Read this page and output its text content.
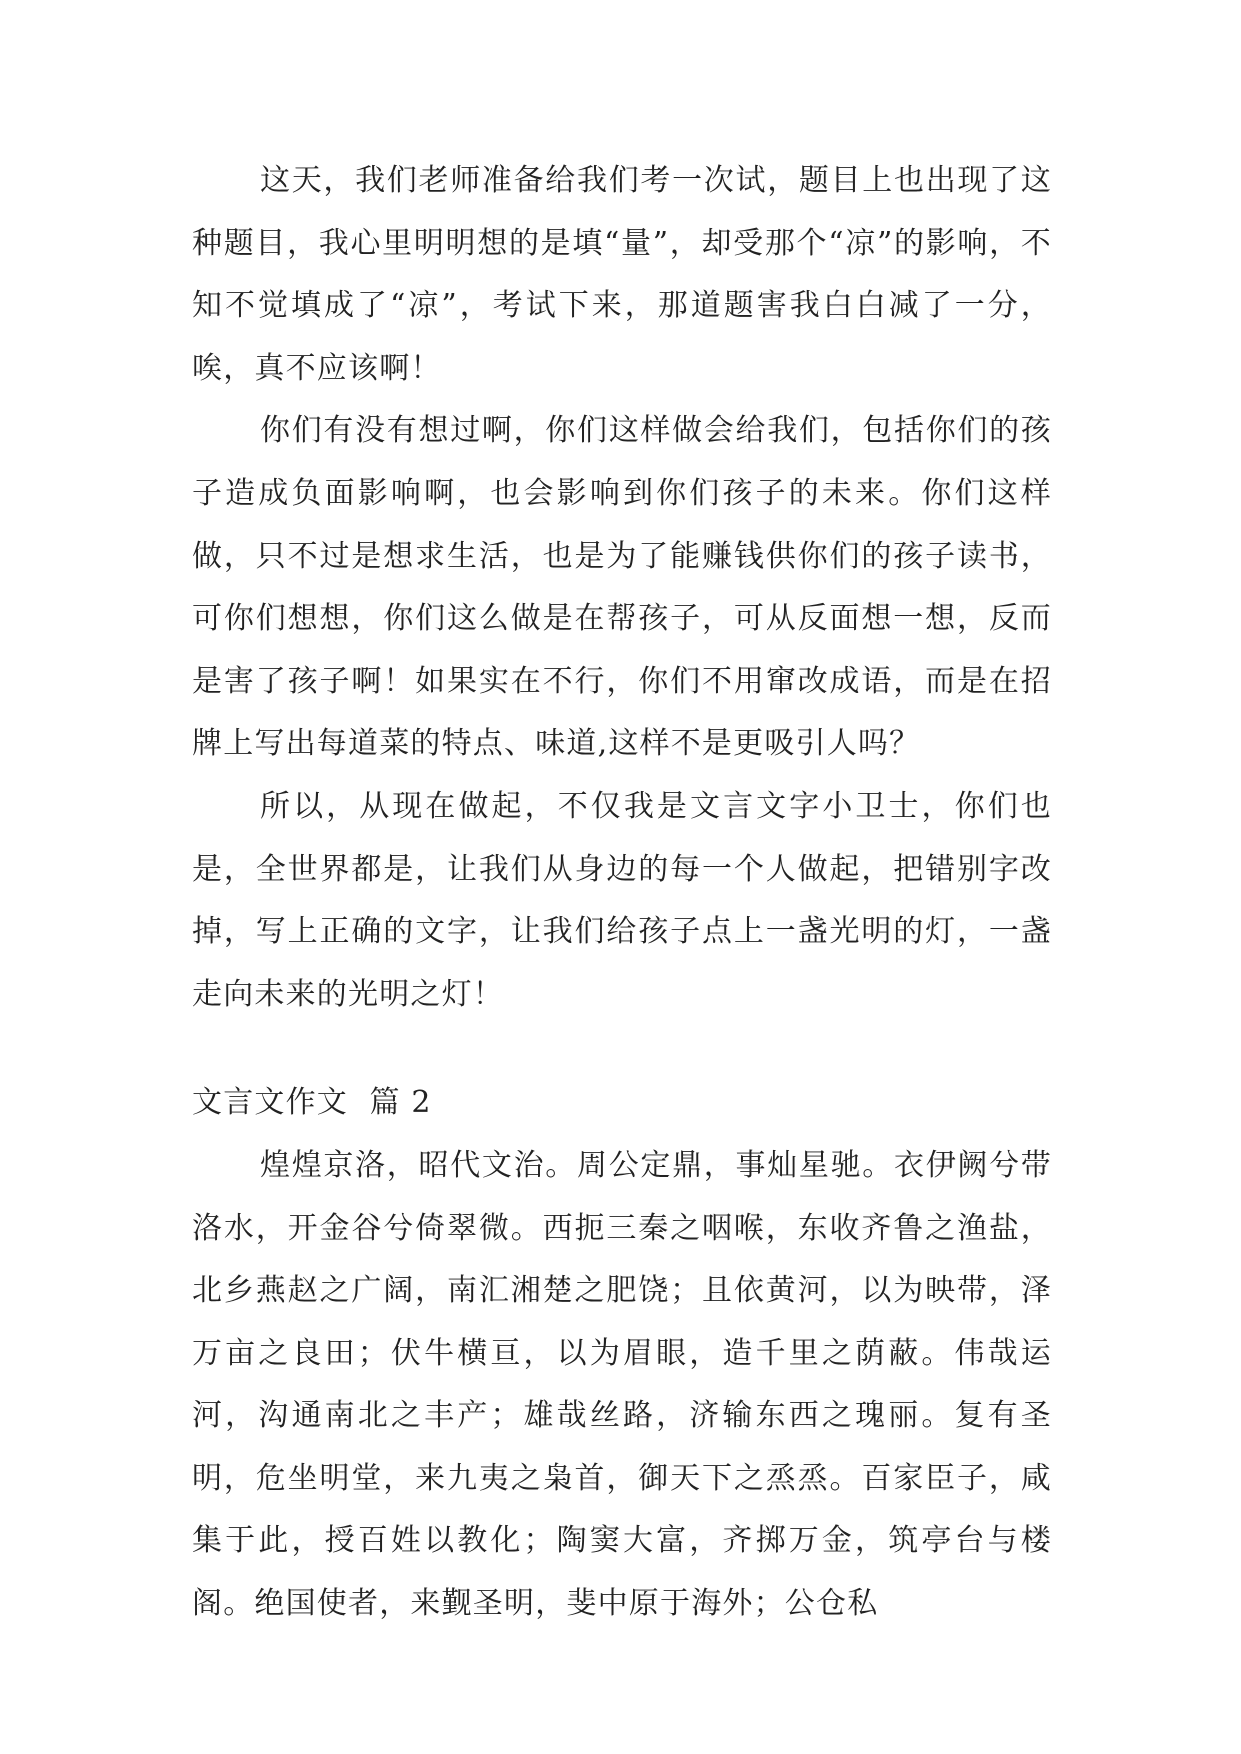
这天，我们老师准备给我们考一次试，题目上也出现了这种题目，我心里明明想的是填“量”，却受那个“凉”的影响，不知不觉填成了“凉”，考试下来，那道题害我白白减了一分，唉，真不应该啊！

你们有没有想过啊，你们这样做会给我们，包括你们的孩子造成负面影响啊，也会影响到你们孩子的未来。你们这样做，只不过是想求生活，也是为了能赚钱供你们的孩子读书，可你们想想，你们这么做是在帮孩子，可从反面想一想，反而是害了孩子啊！如果实在不行，你们不用窜改成语，而是在招牌上写出每道菜的特点、味道,这样不是更吸引人吗？

所以，从现在做起，不仅我是文言文字小卫士，你们也是，全世界都是，让我们从身边的每一个人做起，把错别字改掉，写上正确的文字，让我们给孩子点上一盏光明的灯，一盏走向未来的光明之灯！

文言文作文  篇 2

煌煌京洛，昭代文治。周公定鼎，事灿星驰。衣伊阙兮带洛水，开金谷兮倚翠微。西扼三秦之咽喉，东收齐鲁之渔盐，北乡燕赵之广阔，南汇湘楚之肥饶；且依黄河，以为映带，泽万亩之良田；伏牛横亘，以为眉眼，造千里之荫蔽。伟哉运河，沟通南北之丰产；雄哉丝路，济输东西之瑰丽。复有圣明，危坐明堂，来九夷之枭首，御天下之烝烝。百家臣子，咸集于此，授百姓以教化；陶窦大富，齐掷万金，筑亭台与楼阁。绝国使者，来觐圣明，斐中原于海外；公仓私
